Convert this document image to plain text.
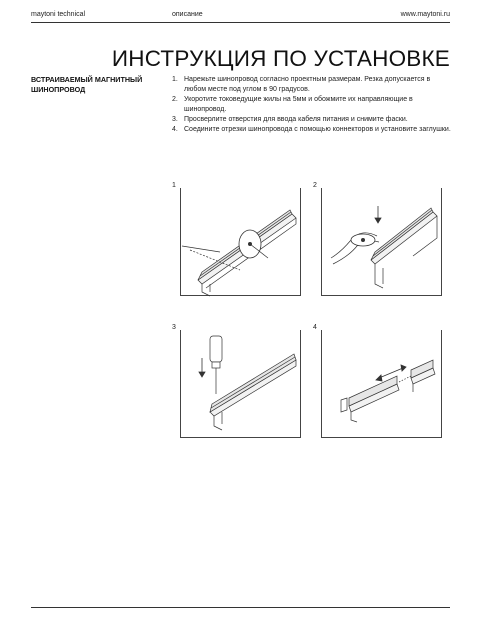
maytoni technical	описание	www.maytoni.ru
ИНСТРУКЦИЯ ПО УСТАНОВКЕ
ВСТРАИВАЕМЫЙ МАГНИТНЫЙ ШИНОПРОВОД
1. Нарежьте шинопровод согласно проектным размерам. Резка допускается в любом месте под углом в 90 градусов.
2. Укоротите токоведущие жилы на 5мм и обожмите их направляющие в шинопровод.
3. Просверлите отверстия для ввода кабеля питания и снимите фаски.
4. Соедините отрезки шинопровода с помощью коннекторов и установите заглушки.
1	2
3	4
